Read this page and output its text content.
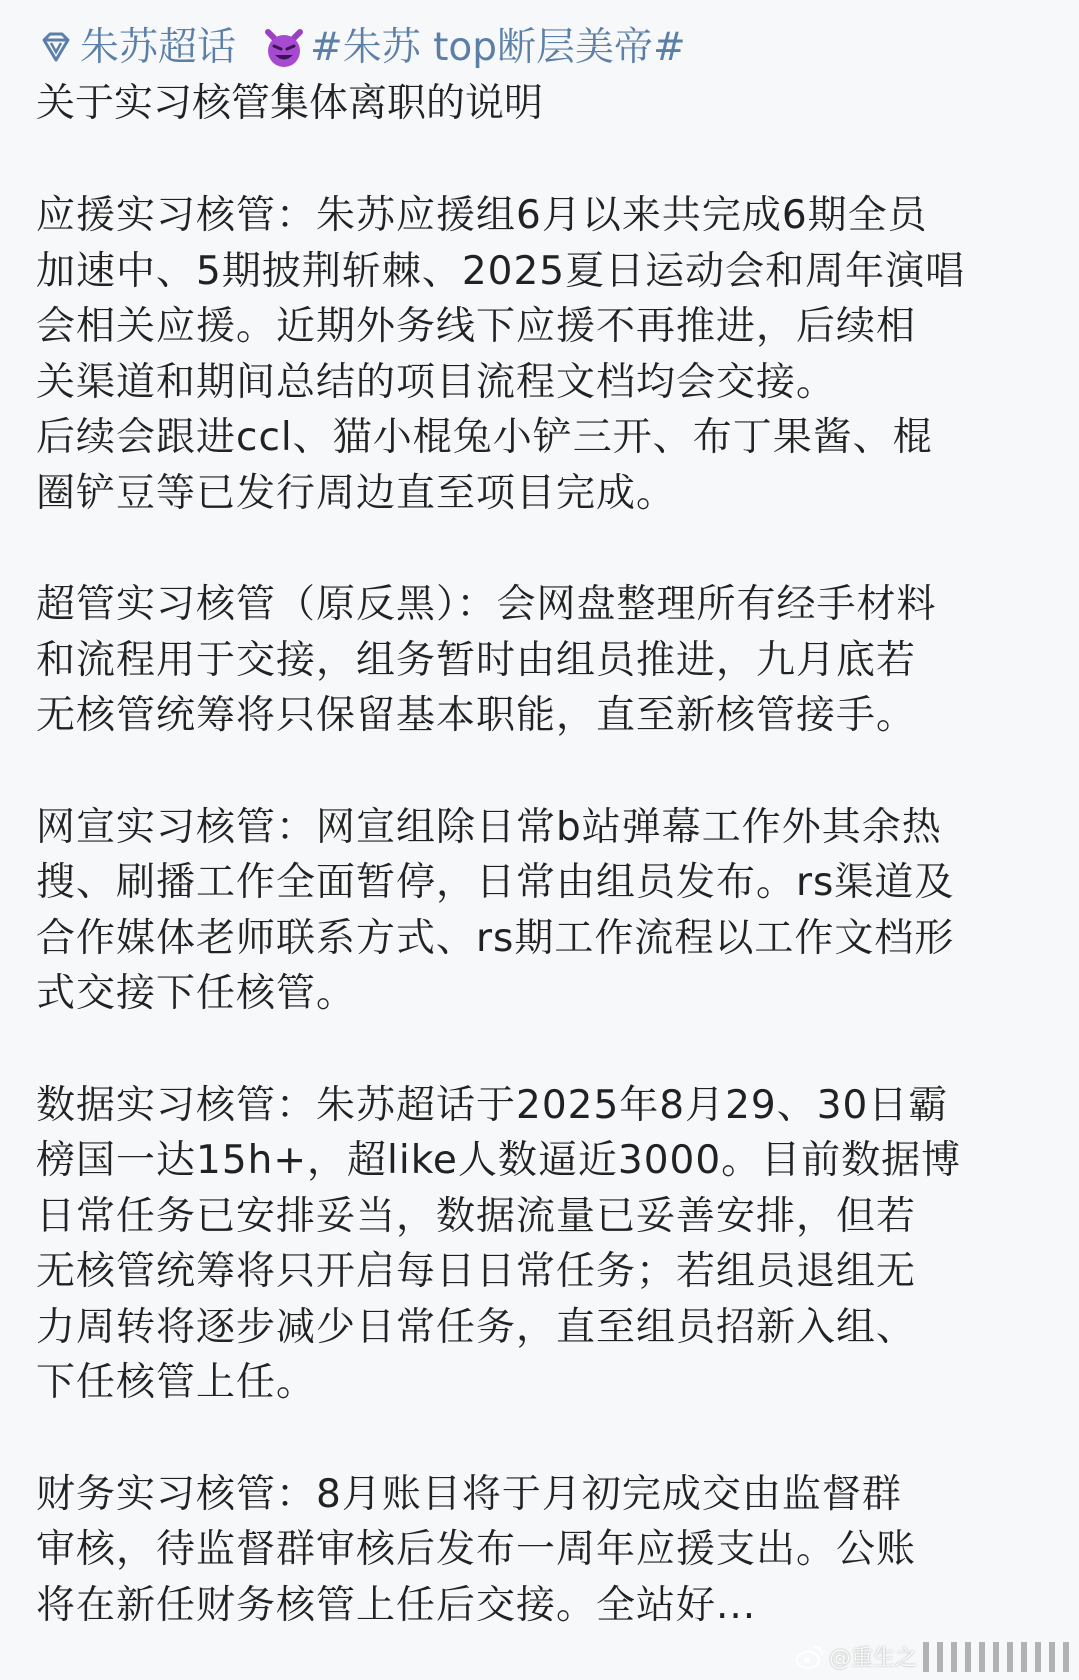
朱苏超话 #朱苏 top断层美帝#

关于实习核管集体离职的说明

应援实习核管：朱苏应援组6月以来共完成6期全员
加速中、5期披荆斩棘、2025夏日运动会和周年演唱
会相关应援。近期外务线下应援不再推进，后续相
关渠道和期间总结的项目流程文档均会交接。
后续会跟进ccl、猫小棍兔小铲三开、布丁果酱、棍
圈铲豆等已发行周边直至项目完成。

超管实习核管（原反黑）：会网盘整理所有经手材料
和流程用于交接，组务暂时由组员推进，九月底若
无核管统筹将只保留基本职能，直至新核管接手。

网宣实习核管：网宣组除日常b站弹幕工作外其余热
搜、刷播工作全面暂停，日常由组员发布。rs渠道及
合作媒体老师联系方式、rs期工作流程以工作文档形
式交接下任核管。

数据实习核管：朱苏超话于2025年8月29、30日霸
榜国一达15h+，超like人数逼近3000。目前数据博
日常任务已安排妥当，数据流量已妥善安排，但若
无核管统筹将只开启每日日常任务；若组员退组无
力周转将逐步减少日常任务，直至组员招新入组、
下任核管上任。

财务实习核管：8月账目将于月初完成交由监督群
审核，待监督群审核后发布一周年应援支出。公账
将在新任财务核管上任后交接。全站好...

@重生之
